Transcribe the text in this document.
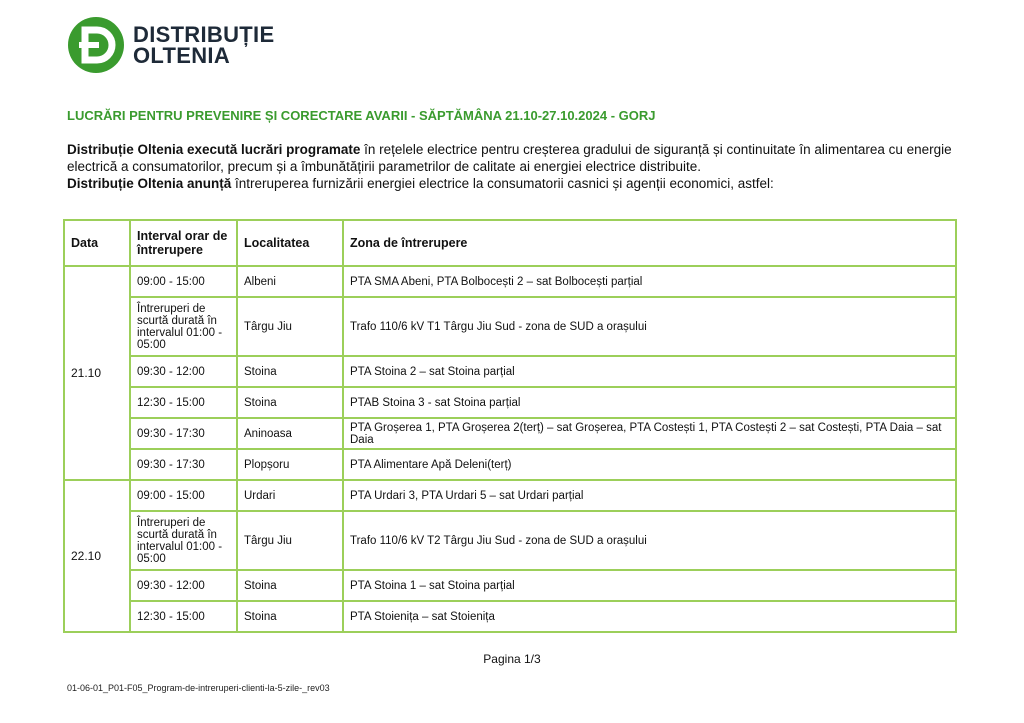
DISTRIBUȚIE
OLTENIA
LUCRĂRI PENTRU PREVENIRE ȘI CORECTARE AVARII - SĂPTĂMÂNA 21.10-27.10.2024 - GORJ
Distribuție Oltenia execută lucrări programate în rețelele electrice pentru creșterea gradului de siguranță și continuitate în alimentarea cu energie electrică a consumatorilor, precum și a îmbunătățirii parametrilor de calitate ai energiei electrice distribuite.
Distribuție Oltenia anunță întreruperea furnizării energiei electrice la consumatorii casnici și agenții economici, astfel:
Data	Interval orar de întrerupere	Localitatea	Zona de întrerupere
21.10	09:00 - 15:00	Albeni	PTA SMA Abeni, PTA Bolbocești 2 – sat Bolbocești parțial
	Întreruperi de scurtă durată în intervalul 01:00 - 05:00	Târgu Jiu	Trafo 110/6 kV T1 Târgu Jiu Sud - zona de SUD a orașului
	09:30 - 12:00	Stoina	PTA Stoina 2 – sat Stoina parțial
	12:30 - 15:00	Stoina	PTAB Stoina 3 - sat Stoina parțial
	09:30 - 17:30	Aninoasa	PTA Groșerea 1, PTA Groșerea 2(terț) – sat Groșerea, PTA Costești 1, PTA Costești 2 – sat Costești, PTA Daia – sat Daia
	09:30 - 17:30	Plopșoru	PTA Alimentare Apă Deleni(terț)
22.10	09:00 - 15:00	Urdari	PTA Urdari 3, PTA Urdari 5 – sat Urdari parțial
	Întreruperi de scurtă durată în intervalul 01:00 - 05:00	Târgu Jiu	Trafo 110/6 kV T2 Târgu Jiu Sud - zona de SUD a orașului
	09:30 - 12:00	Stoina	PTA Stoina 1 – sat Stoina parțial
	12:30 - 15:00	Stoina	PTA Stoienița – sat Stoienița
Pagina 1/3
01-06-01_P01-F05_Program-de-intreruperi-clienti-la-5-zile-_rev03
